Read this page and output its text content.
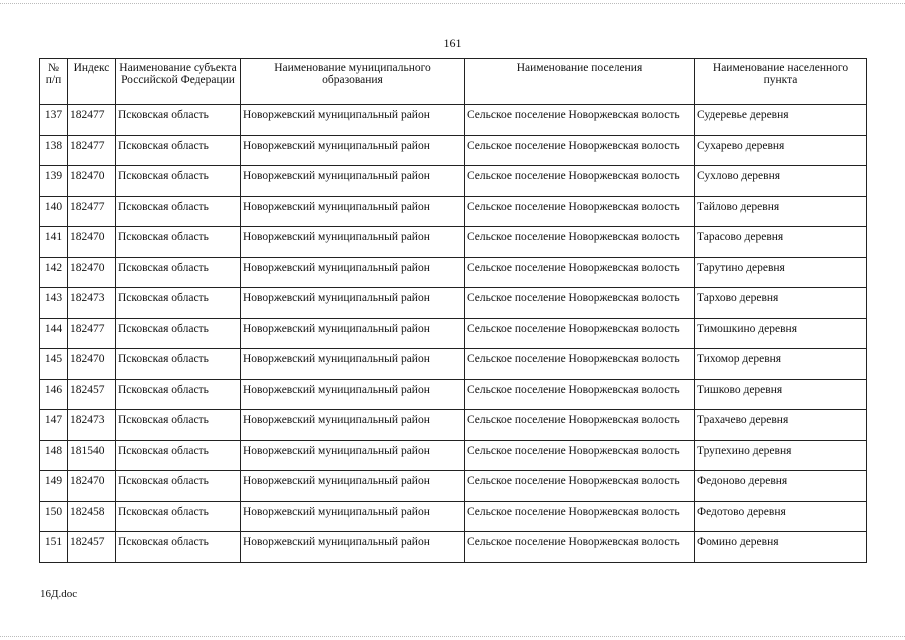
161
№ п/п	Индекс	Наименование субъекта Российской Федерации	Наименование муниципального образования	Наименование поселения	Наименование населенного пункта
137	182477	Псковская область	Новоржевский муниципальный район	Сельское поселение Новоржевская волость	Судеревье деревня
138	182477	Псковская область	Новоржевский муниципальный район	Сельское поселение Новоржевская волость	Сухарево деревня
139	182470	Псковская область	Новоржевский муниципальный район	Сельское поселение Новоржевская волость	Сухлово деревня
140	182477	Псковская область	Новоржевский муниципальный район	Сельское поселение Новоржевская волость	Тайлово деревня
141	182470	Псковская область	Новоржевский муниципальный район	Сельское поселение Новоржевская волость	Тарасово деревня
142	182470	Псковская область	Новоржевский муниципальный район	Сельское поселение Новоржевская волость	Тарутино деревня
143	182473	Псковская область	Новоржевский муниципальный район	Сельское поселение Новоржевская волость	Тархово деревня
144	182477	Псковская область	Новоржевский муниципальный район	Сельское поселение Новоржевская волость	Тимошкино деревня
145	182470	Псковская область	Новоржевский муниципальный район	Сельское поселение Новоржевская волость	Тихомор деревня
146	182457	Псковская область	Новоржевский муниципальный район	Сельское поселение Новоржевская волость	Тишково деревня
147	182473	Псковская область	Новоржевский муниципальный район	Сельское поселение Новоржевская волость	Трахачево деревня
148	181540	Псковская область	Новоржевский муниципальный район	Сельское поселение Новоржевская волость	Трупехино деревня
149	182470	Псковская область	Новоржевский муниципальный район	Сельское поселение Новоржевская волость	Федоново деревня
150	182458	Псковская область	Новоржевский муниципальный район	Сельское поселение Новоржевская волость	Федотово деревня
151	182457	Псковская область	Новоржевский муниципальный район	Сельское поселение Новоржевская волость	Фомино деревня
16Д.doc
